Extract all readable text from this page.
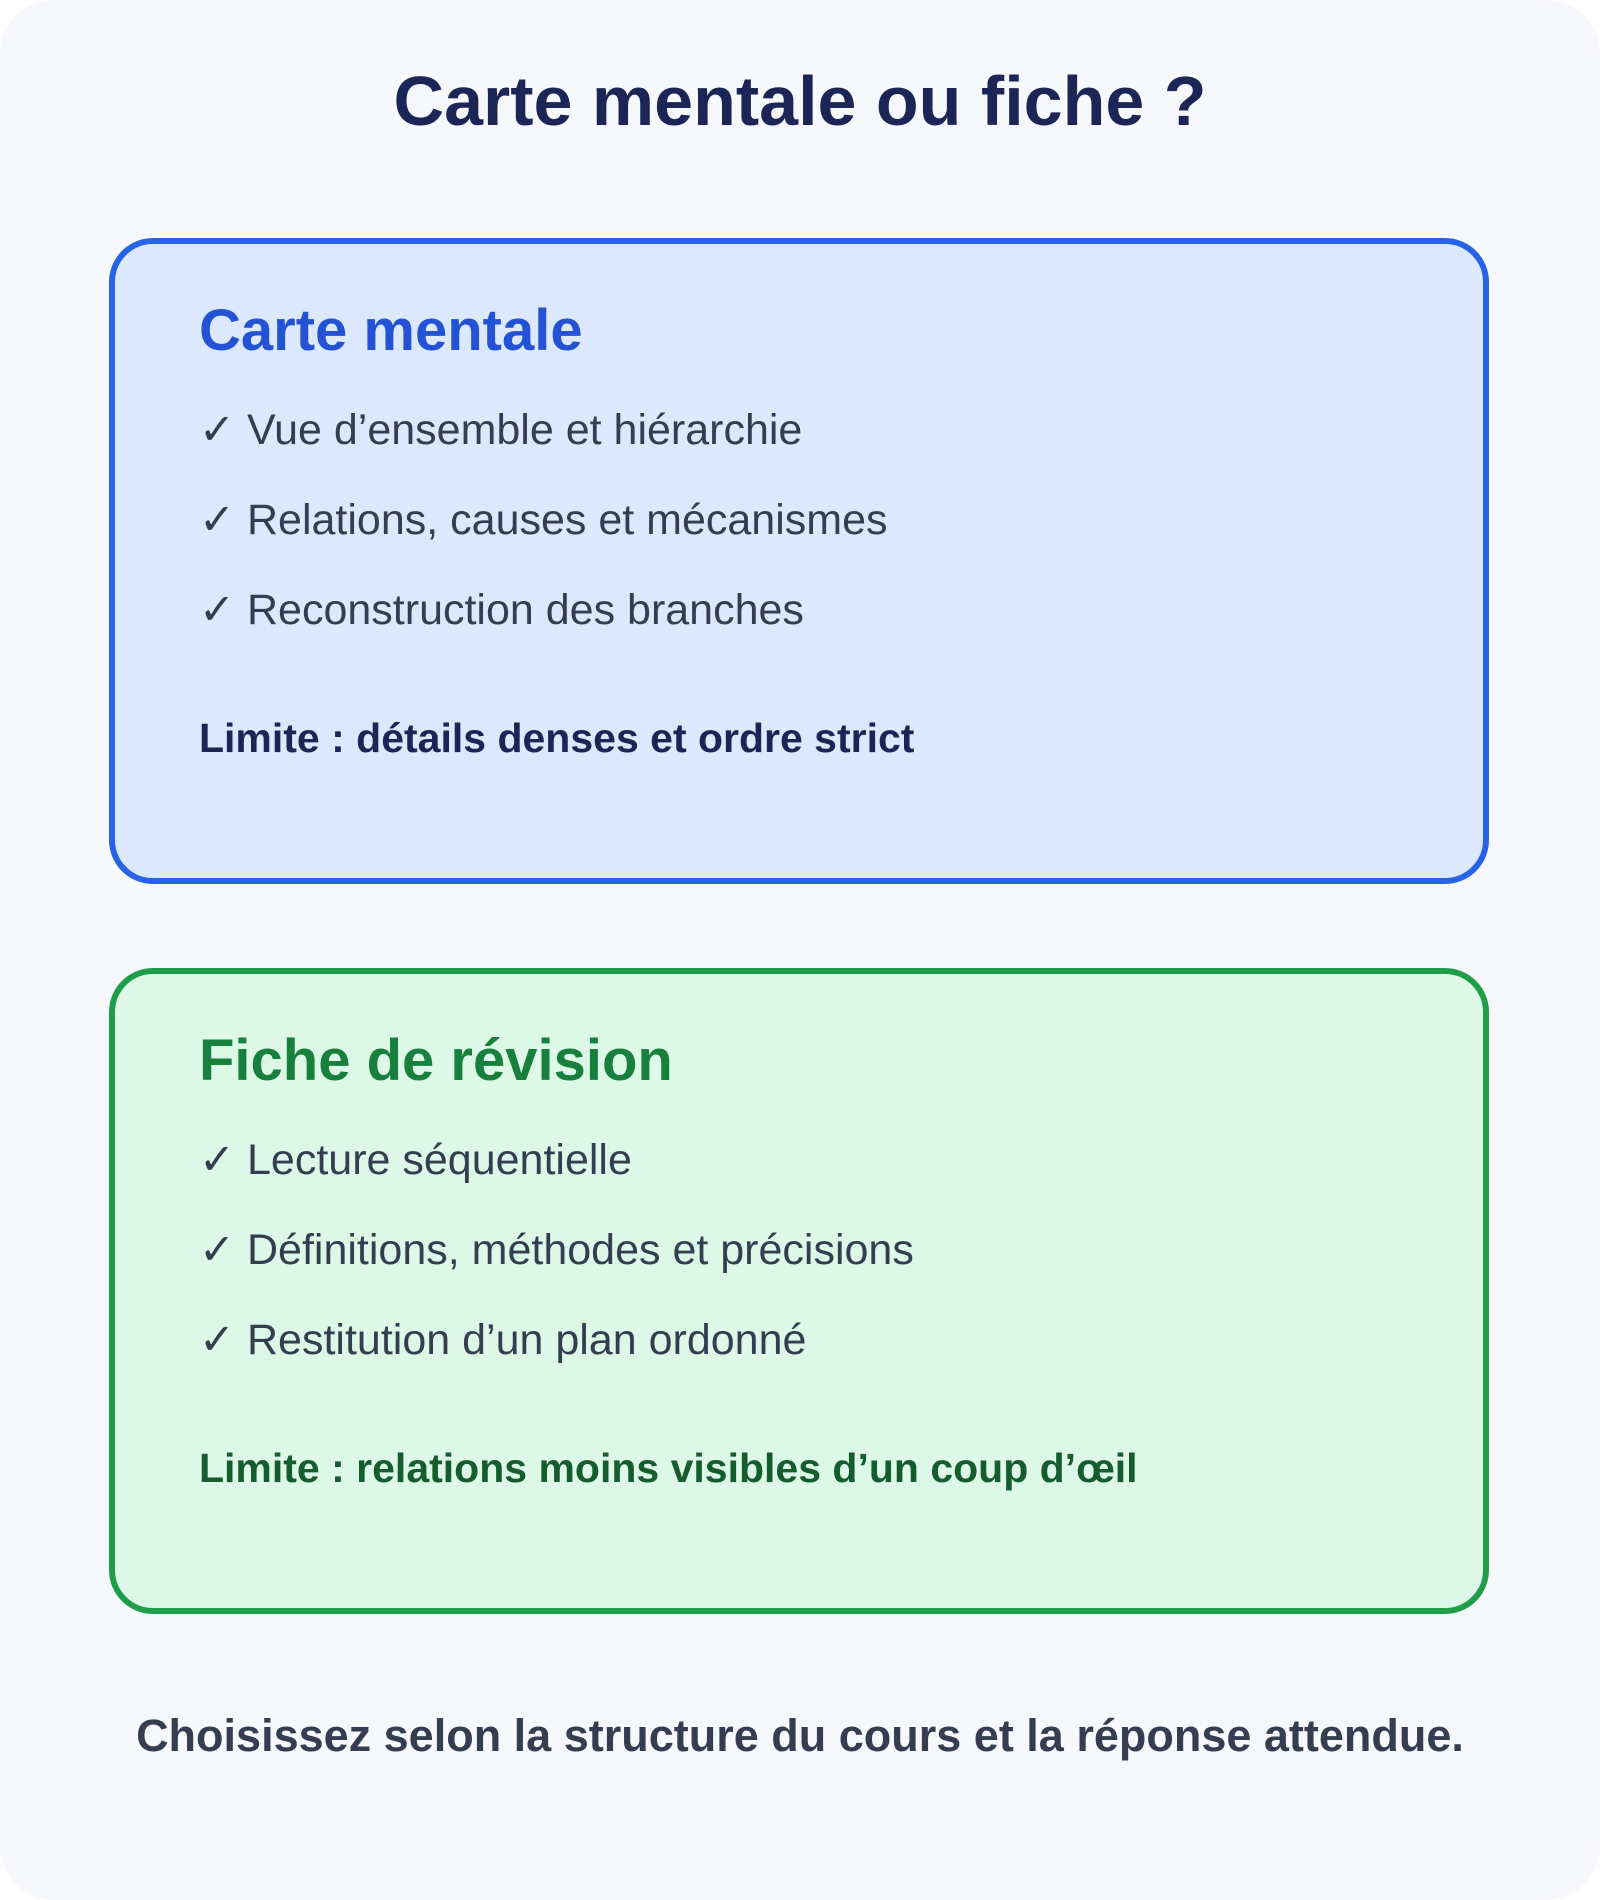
Carte mentale ou fiche ?
Carte mentale
✓ Vue d’ensemble et hiérarchie
✓ Relations, causes et mécanismes
✓ Reconstruction des branches

Limite : détails denses et ordre strict

Fiche de révision
✓ Lecture séquentielle
✓ Définitions, méthodes et précisions
✓ Restitution d’un plan ordonné

Limite : relations moins visibles d’un coup d’œil

Choisissez selon la structure du cours et la réponse attendue.
